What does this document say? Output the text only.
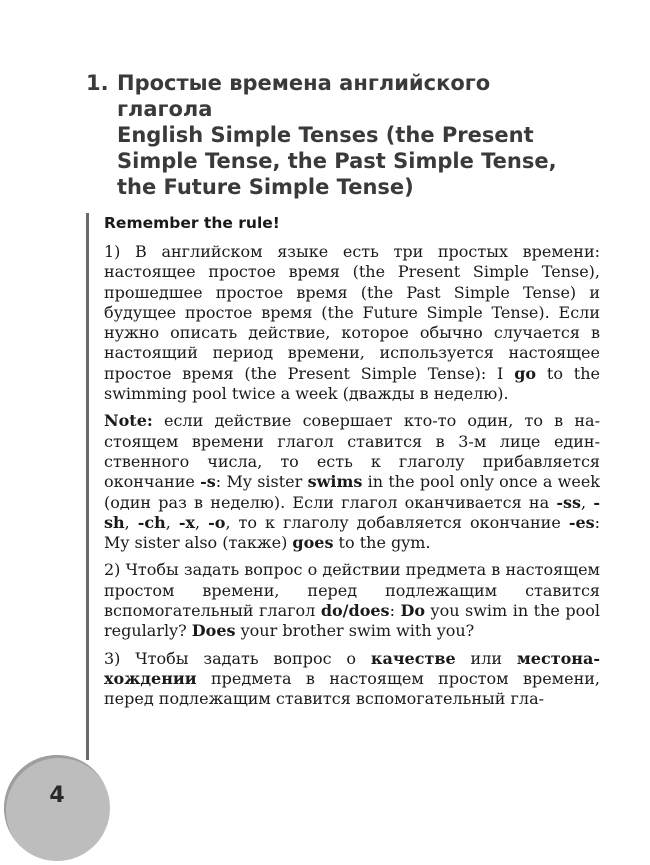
1. Простые времена английского
глагола
English Simple Tenses (the Present
Simple Tense, the Past Simple Tense,
the Future Simple Tense)
Remember the rule!

1) В английском языке есть три простых времени: настоящее простое время (the Present Simple Tense), прошедшее простое время (the Past Simple Tense) и будущее простое время (the Future Simple Tense). Если нужно описать действие, которое обычно случается в настоящий период времени, используется настоящее простое время (the Present Simple Tense): I go to the swimming pool twice a week (дважды в неделю).

Note: если действие совершает кто-то один, то в настоящем времени глагол ставится в 3-м лице единственного числа, то есть к глаголу прибавляется окончание -s: My sister swims in the pool only once a week (один раз в неделю). Если глагол оканчивается на -ss, -sh, -ch, -x, -o, то к глаголу добавляется окончание -es: My sister also (также) goes to the gym.

2) Чтобы задать вопрос о действии предмета в настоящем простом времени, перед подлежащим ставится вспомогательный глагол do/does: Do you swim in the pool regularly? Does your brother swim with you?

3) Чтобы задать вопрос о качестве или местонахождении предмета в настоящем простом времени, перед подлежащим ставится вспомогательный гла-

4
